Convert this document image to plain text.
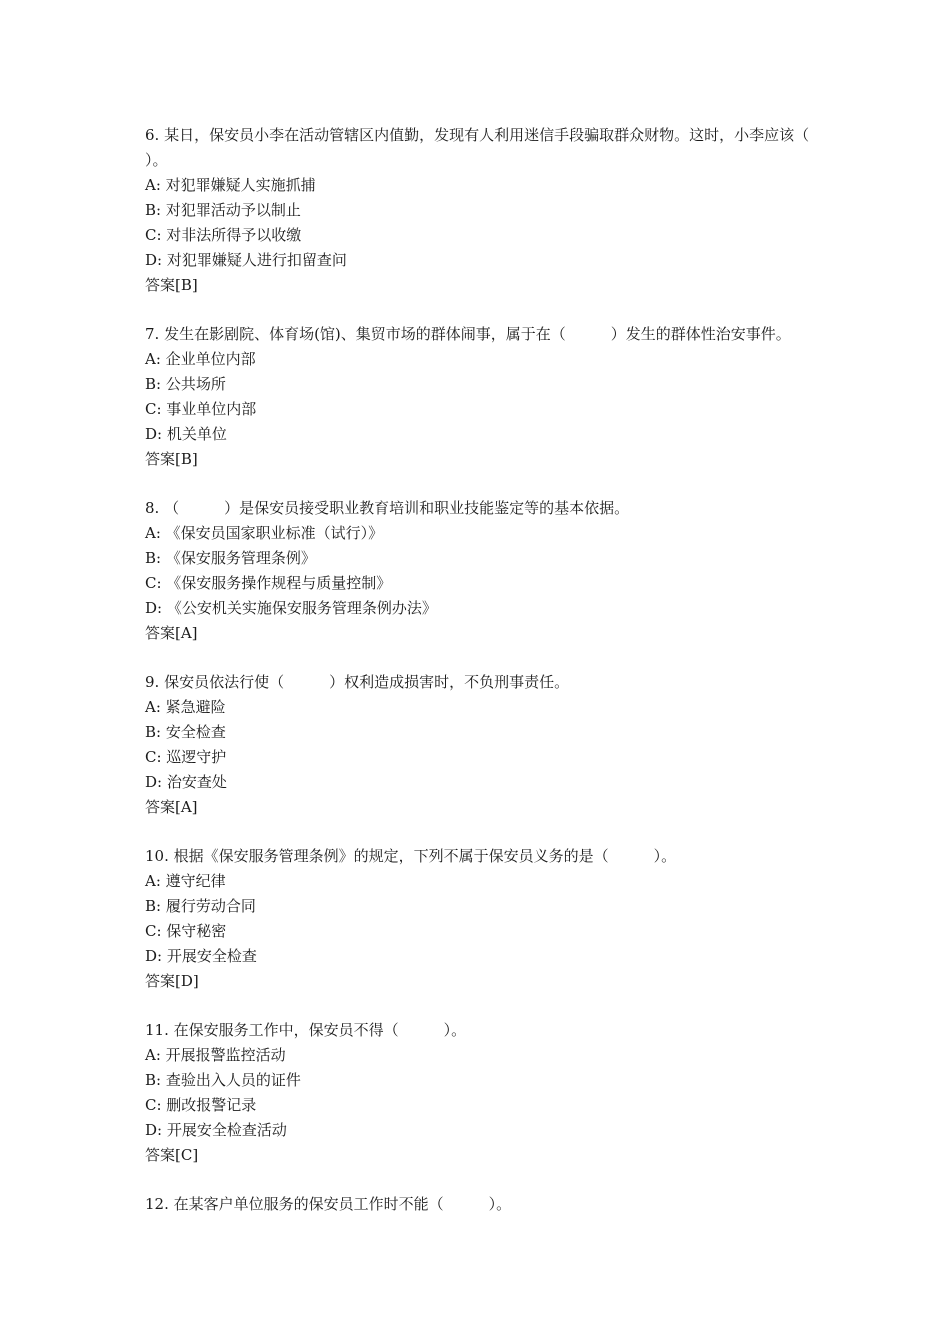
6. 某日，保安员小李在活动管辖区内值勤，发现有人利用迷信手段骗取群众财物。这时，小李应该（　　　）。

A: 对犯罪嫌疑人实施抓捕

B: 对犯罪活动予以制止

C: 对非法所得予以收缴

D: 对犯罪嫌疑人进行扣留查问

答案[B]

7. 发生在影剧院、体育场(馆)、集贸市场的群体闹事，属于在（　　　）发生的群体性治安事件。

A: 企业单位内部

B: 公共场所

C: 事业单位内部

D: 机关单位

答案[B]

8. （　　　）是保安员接受职业教育培训和职业技能鉴定等的基本依据。

A: 《保安员国家职业标准（试行）》

B: 《保安服务管理条例》

C: 《保安服务操作规程与质量控制》

D: 《公安机关实施保安服务管理条例办法》

答案[A]

9. 保安员依法行使（　　　）权利造成损害时，不负刑事责任。

A: 紧急避险

B: 安全检查

C: 巡逻守护

D: 治安查处

答案[A]

10. 根据《保安服务管理条例》的规定，下列不属于保安员义务的是（　　　）。

A: 遵守纪律

B: 履行劳动合同

C: 保守秘密

D: 开展安全检查

答案[D]

11. 在保安服务工作中，保安员不得（　　　）。

A: 开展报警监控活动

B: 查验出入人员的证件

C: 删改报警记录

D: 开展安全检查活动

答案[C]

12. 在某客户单位服务的保安员工作时不能（　　　）。
